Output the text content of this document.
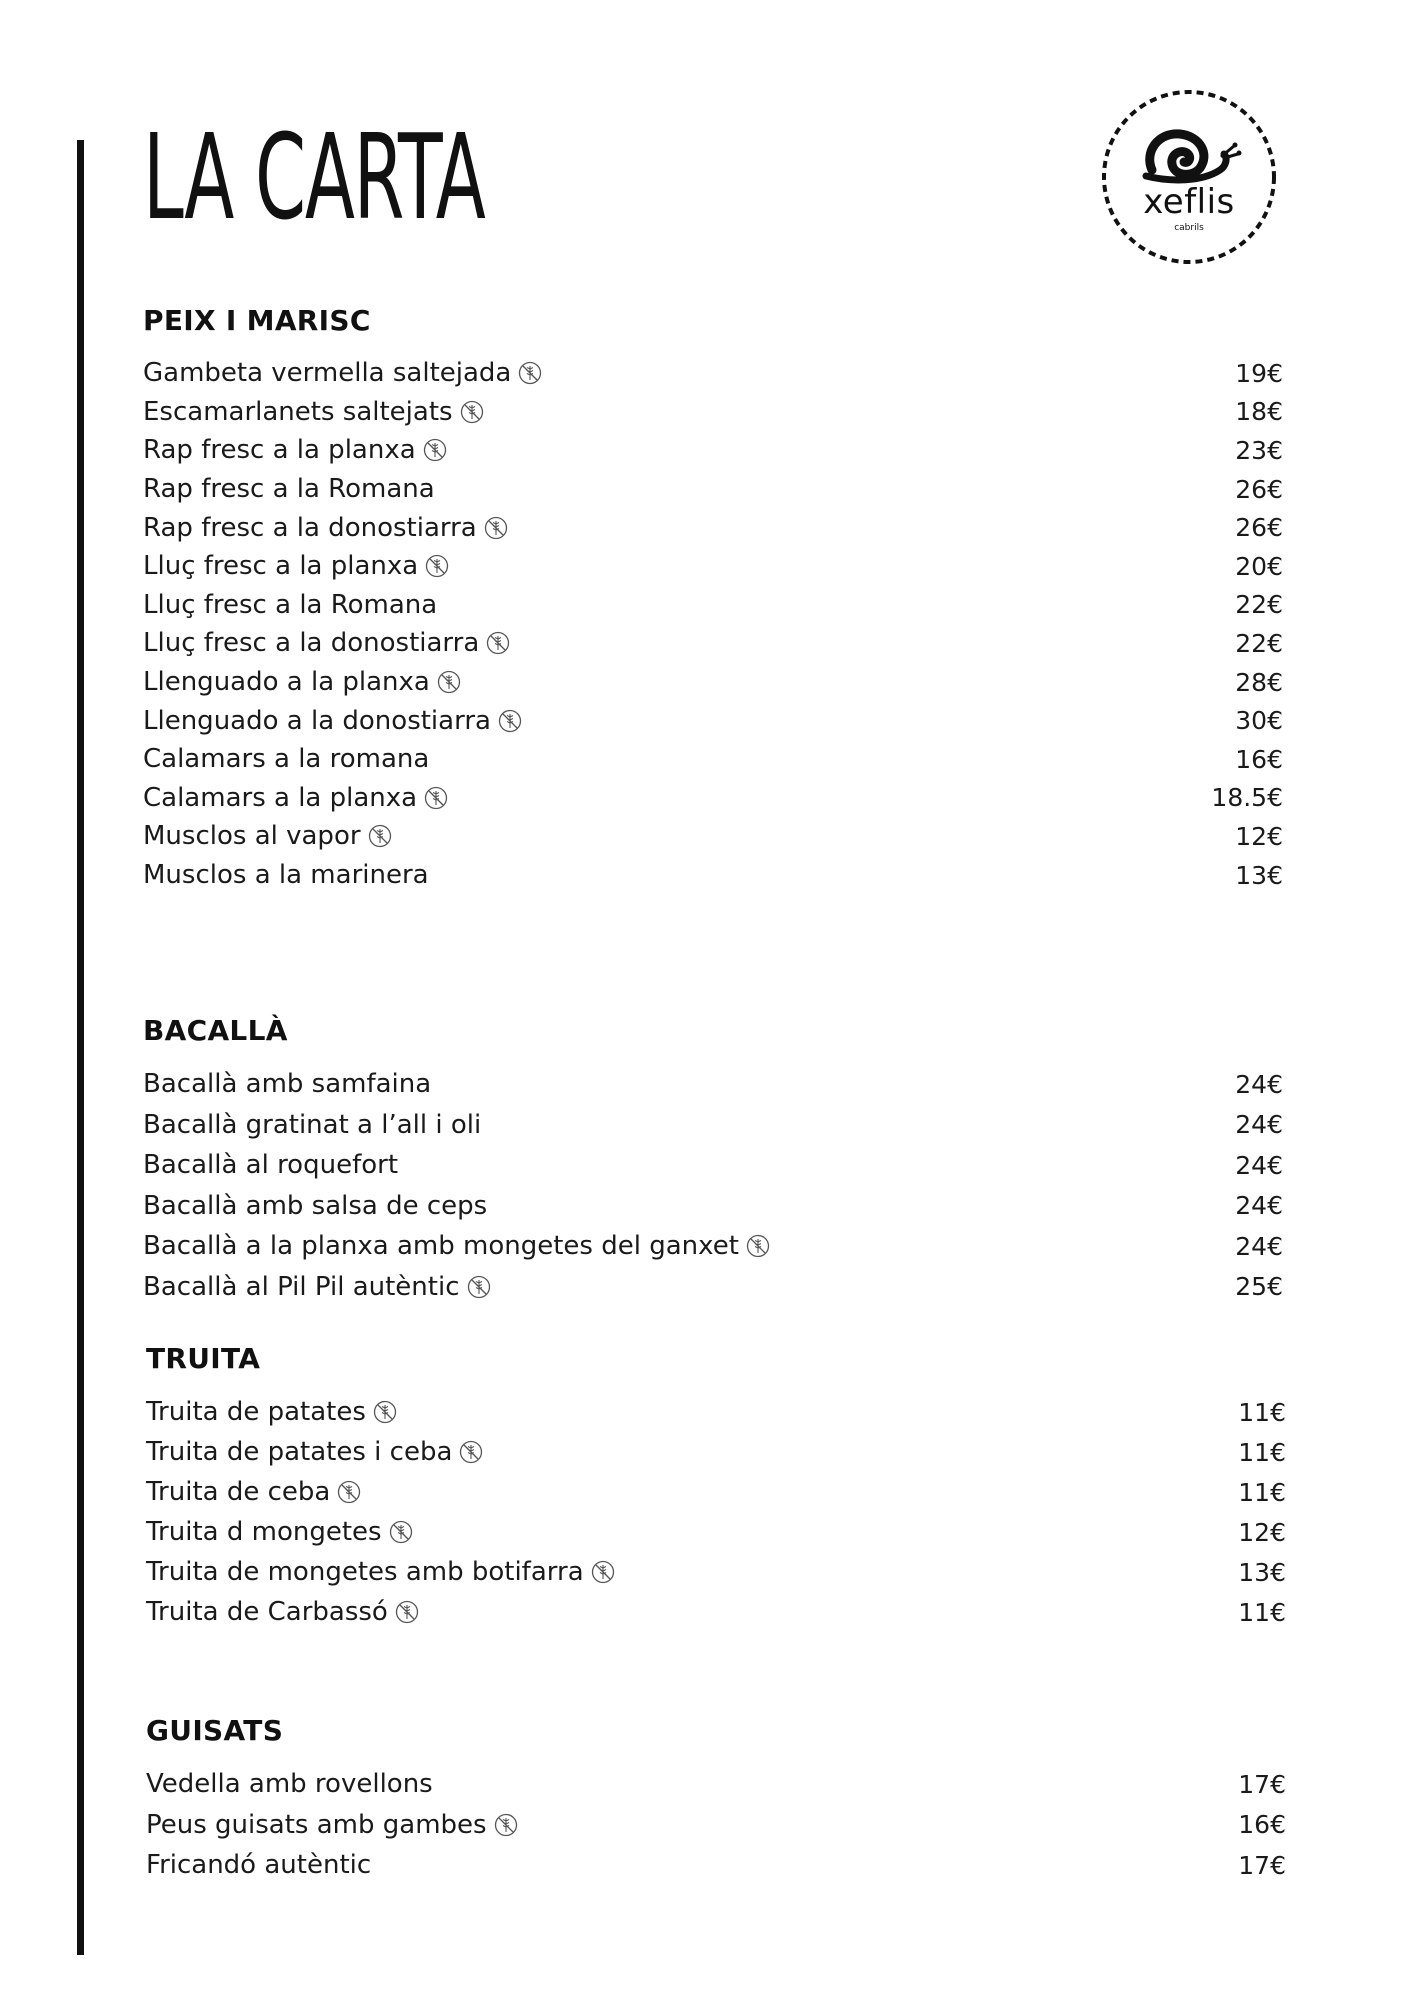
LA CARTA	xeflis
cabrils
PEIX I MARISC
Gambeta vermella saltejada	19€
Escamarlanets saltejats	18€
Rap fresc a la planxa	23€
Rap fresc a la Romana	26€
Rap fresc a la donostiarra	26€
Lluç fresc a la planxa	20€
Lluç fresc a la Romana	22€
Lluç fresc a la donostiarra	22€
Llenguado a la planxa	28€
Llenguado a la donostiarra	30€
Calamars a la romana	16€
Calamars a la planxa	18.5€
Musclos al vapor	12€
Musclos a la marinera	13€
BACALLÀ
Bacallà amb samfaina	24€
Bacallà gratinat a l’all i oli	24€
Bacallà al roquefort	24€
Bacallà amb salsa de ceps	24€
Bacallà a la planxa amb mongetes del ganxet	24€
Bacallà al Pil Pil autèntic	25€
TRUITA
Truita de patates	11€
Truita de patates i ceba	11€
Truita de ceba	11€
Truita d mongetes	12€
Truita de mongetes amb botifarra	13€
Truita de Carbassó	11€
GUISATS
Vedella amb rovellons	17€
Peus guisats amb gambes	16€
Fricandó autèntic	17€
